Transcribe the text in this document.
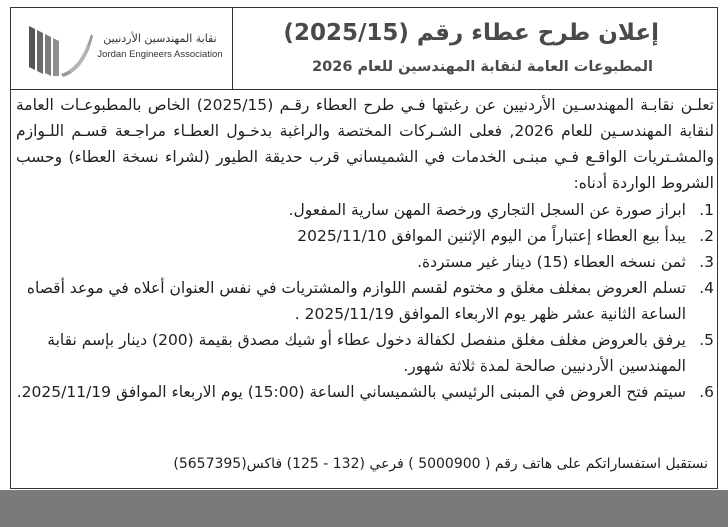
نقابة المهندسين الأردنيين
Jordan Engineers Association
إعلان طرح عطاء رقم (2025/15)
المطبوعات العامة لنقابة المهندسين للعام 2026

تعلـن نقابـة المهندسـين الأردنيين عن رغبتها فـي طرح العطاء رقـم (2025/15) الخاص بالمطبوعـات العامة لنقابة المهندسـين للعام 2026, فعلى الشـركات المختصة والراغبة بدخـول العطـاء مراجـعة قسـم اللـوازم والمشـتريات الواقـع فـي مبنـى الخدمات في الشميساني قرب حديقة الطيور (لشراء نسخة العطاء) وحسب الشروط الواردة أدناه:

1.
ابراز صورة عن السجل التجاري ورخصة المهن سارية المفعول.
2.
يبدأ بيع العطاء إعتباراً من اليوم الإثنين الموافق 2025/11/10
3.
ثمن نسخه العطاء (15) دينار غير مستردة.
4.
تسلم العروض بمغلف مغلق و مختوم لقسم اللوازم والمشتريات في نفس العنوان أعلاه في موعد أقصاه الساعة الثانية عشر ظهر يوم الاربعاء الموافق 2025/11/19 .
5.
يرفق بالعروض مغلف مغلق منفصل لكفالة دخول عطاء أو شيك مصدق بقيمة (200) دينار بإسم نقابة المهندسين الأردنيين صالحة لمدة ثلاثة شهور.
6.
سيتم فتح العروض في المبنى الرئيسي بالشميساني الساعة (15:00) يوم الاربعاء الموافق 2025/11/19.
نستقبل استفساراتكم على هاتف رقم ( 5000900 ) فرعي (132 - 125) فاكس(5657395)
